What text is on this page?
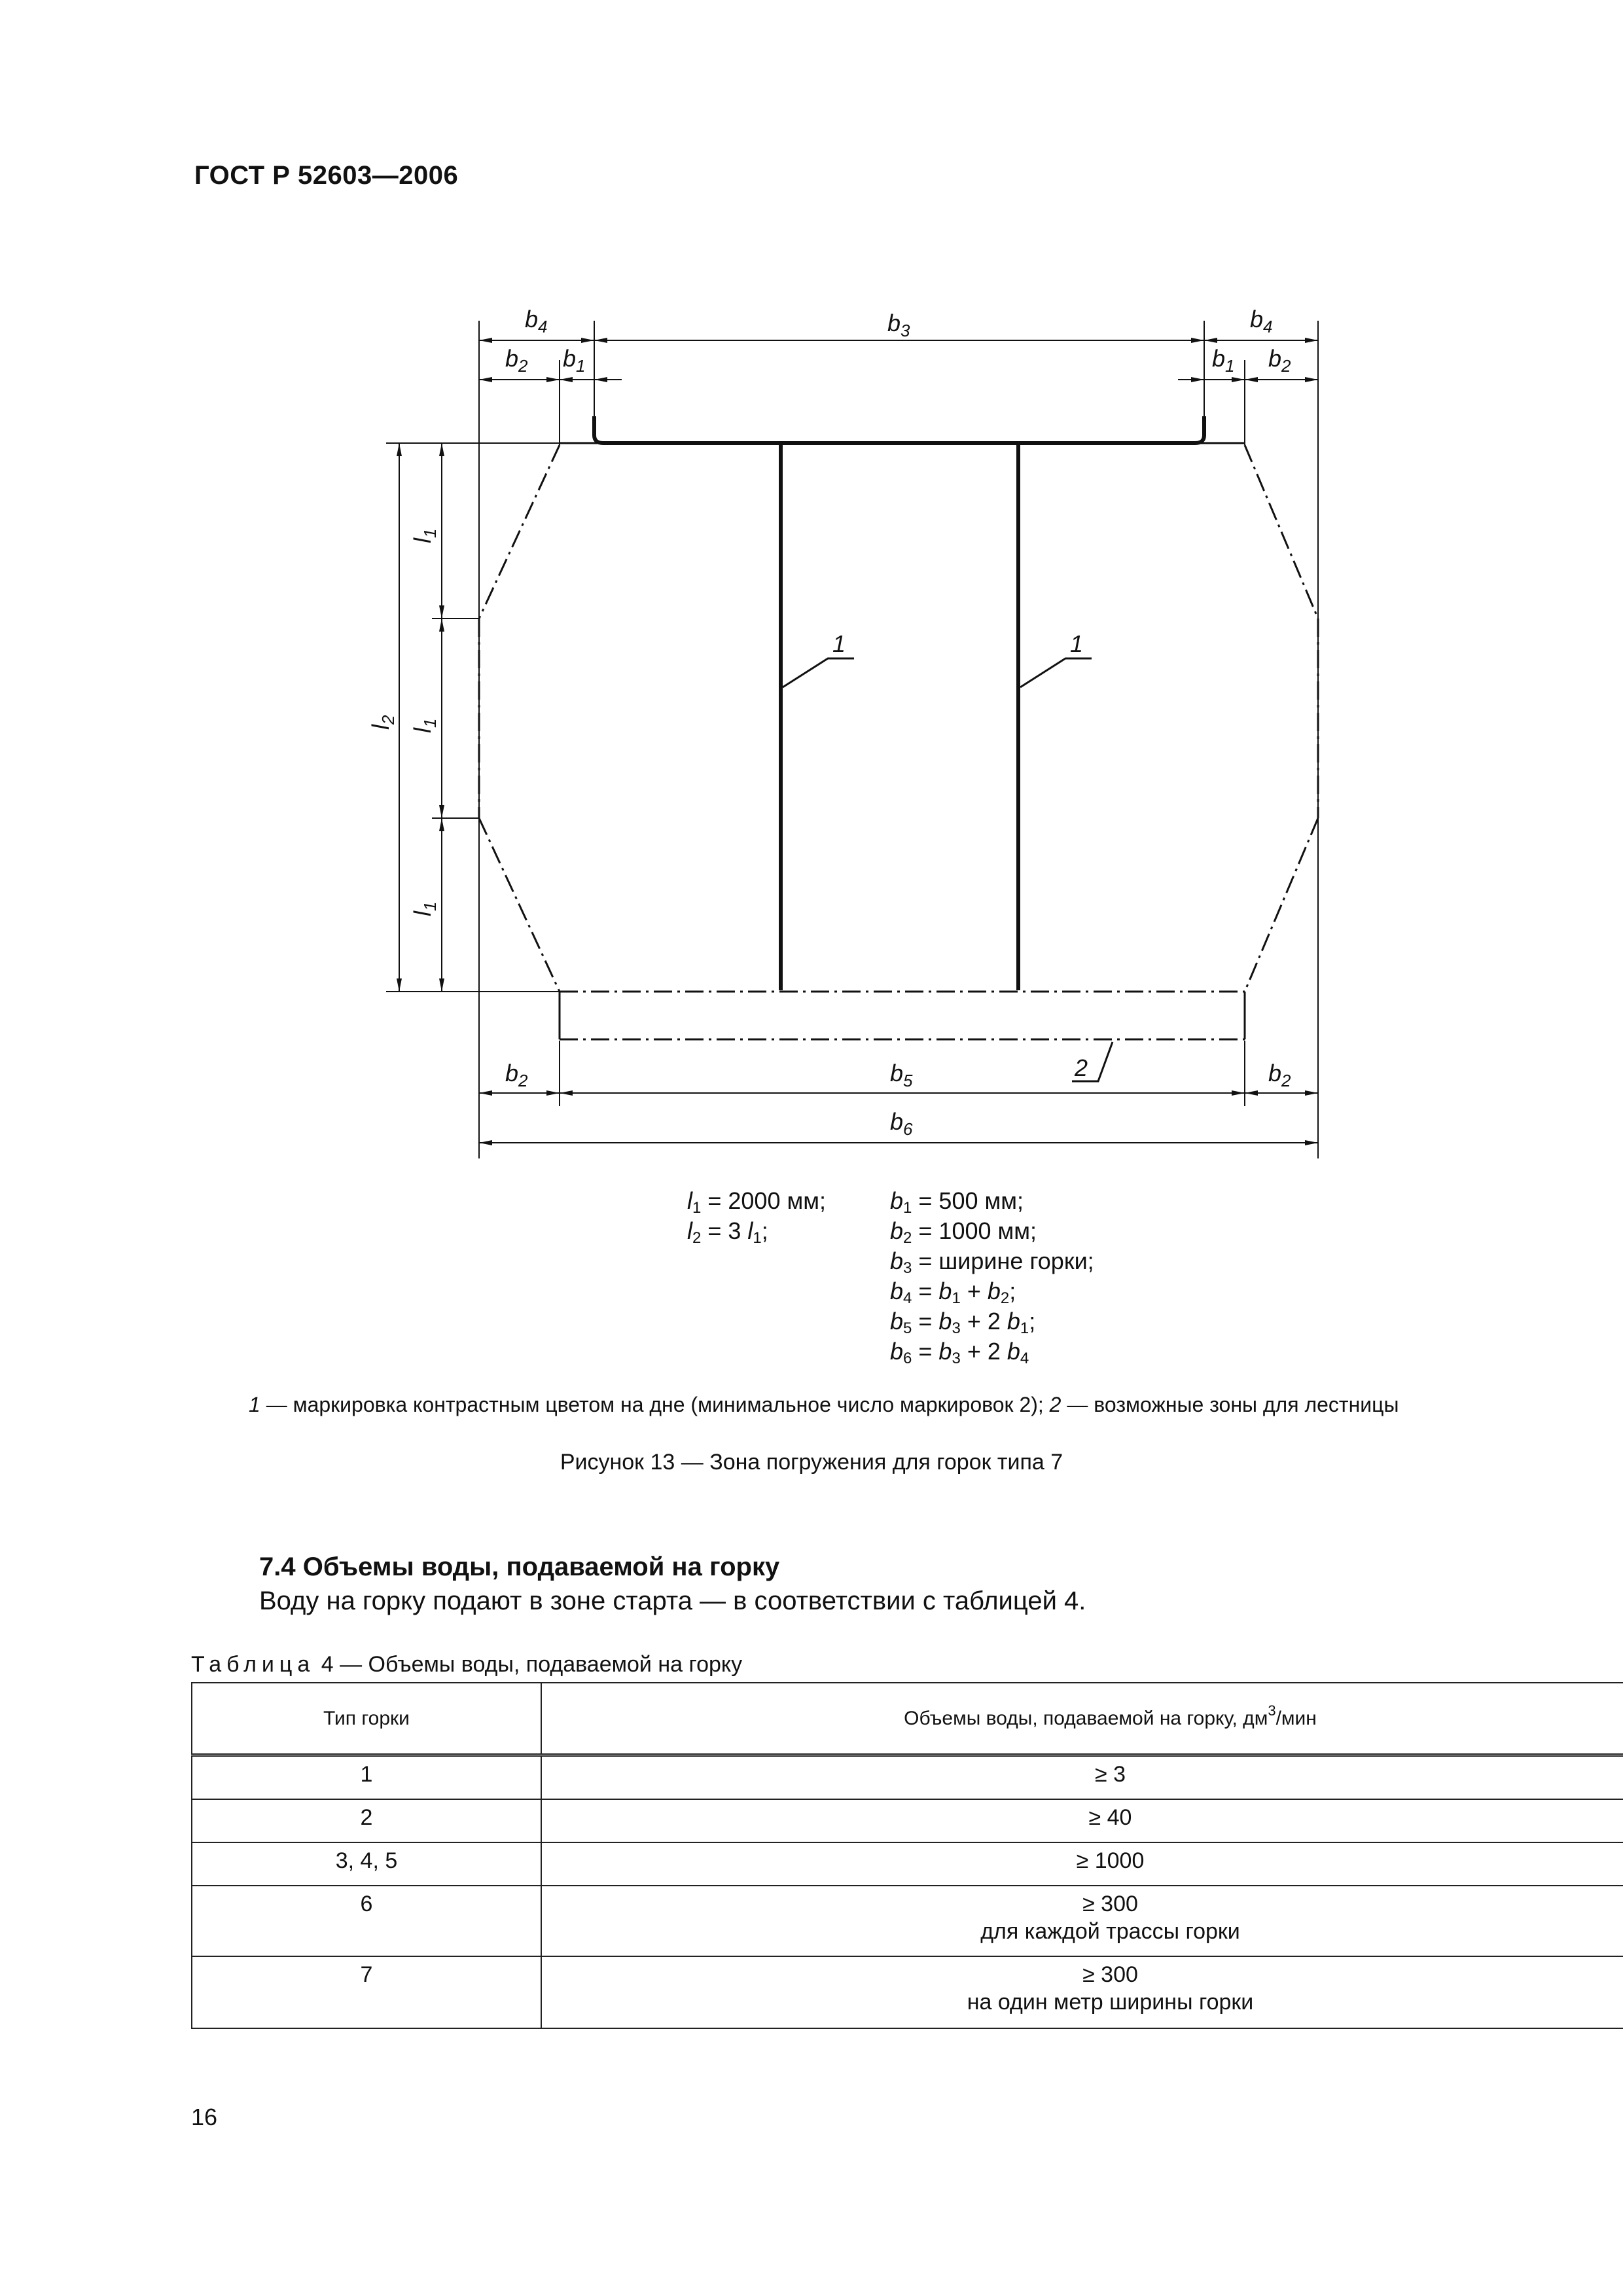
ГОСТ Р 52603—2006
1	1
2
$b_4$	$b_3$	$b_4$
$b_2$ $b_1$	$b_1$ $b_2$
$b_2$	$b_5$	$b_2$
$b_6$
$l_1$
$l_1$
$l_1$
$l_2$
$l_1 = 2000$ мм;
$l_2 = 3$ $l_1$;
$b_1 = 500$ мм;
$b_2 = 1000$ мм;
$b_3$ = ширине горки;
$b_4 = b_1 + b_2$;
$b_5 = b_3 + 2$ $b_1$;
$b_6 = b_3 + 2$ $b_4$
1 — маркировка контрастным цветом на дне (минимальное число маркировок 2); 2 — возможные зоны для лестницы
Рисунок 13 — Зона погружения для горок типа 7
7.4 Объемы воды, подаваемой на горку
Воду на горку подают в зоне старта — в соответствии с таблицей 4.
Таблица 4 — Объемы воды, подаваемой на горку
Тип горки	Объемы воды, подаваемой на горку, $дм^3$/мин
1	≥ 3

2	≥ 40

3, 4, 5	≥ 1000

6	≥ 300
для каждой трассы горки

7	≥ 300
на один метр ширины горки
16
